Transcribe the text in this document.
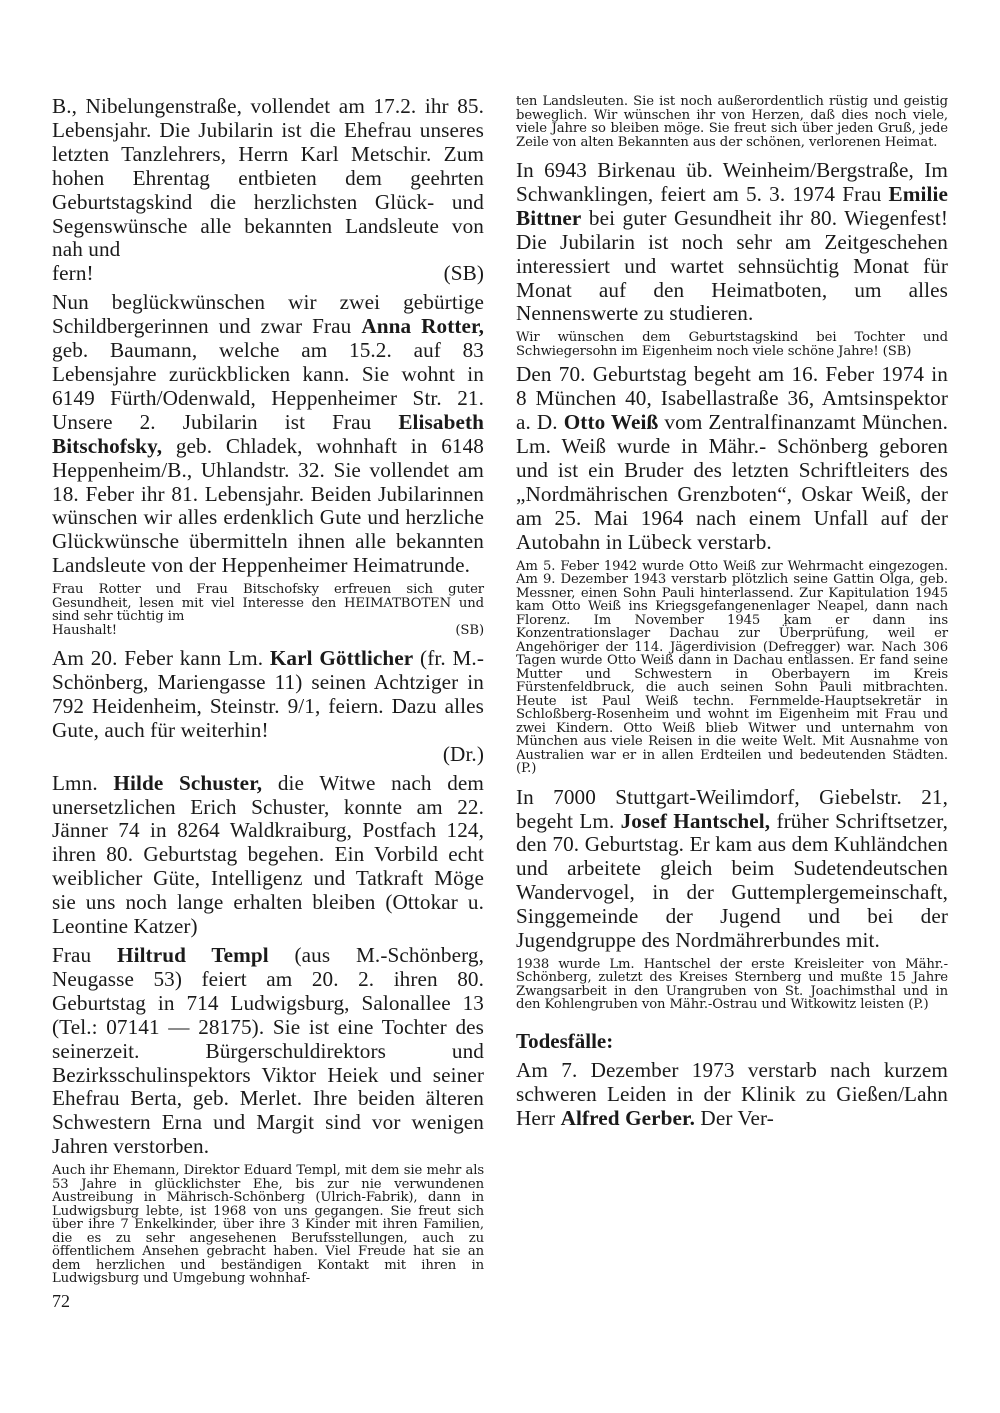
B., Nibelungenstraße, vollendet am 17.2. ihr 85. Lebensjahr. Die Jubilarin ist die Ehefrau unseres letzten Tanzlehrers, Herrn Karl Metschir. Zum hohen Ehrentag entbieten dem geehrten Geburtstagskind die herzlichsten Glück- und Segenswünsche alle bekannten Landsleute von nah und

fern!	(SB)

Nun beglückwünschen wir zwei gebürtige Schildbergerinnen und zwar Frau Anna Rotter, geb. Baumann, welche am 15.2. auf 83 Lebensjahre zurückblicken kann. Sie wohnt in 6149 Fürth/Odenwald, Heppenheimer Str. 21. Unsere 2. Jubilarin ist Frau Elisabeth Bitschofsky, geb. Chladek, wohnhaft in 6148 Heppenheim/B., Uhlandstr. 32. Sie vollendet am 18. Feber ihr 81. Lebensjahr. Beiden Jubilarinnen wünschen wir alles erdenklich Gute und herzliche Glückwünsche übermitteln ihnen alle bekannten Landsleute von der Heppenheimer Heimatrunde.

Frau Rotter und Frau Bitschofsky erfreuen sich guter Gesundheit, lesen mit viel Interesse den HEIMATBOTEN und sind sehr tüchtig im

Haushalt!	(SB)

Am 20. Feber kann Lm. Karl Göttlicher (fr. M.-Schönberg, Mariengasse 11) seinen Achtziger in 792 Heidenheim, Steinstr. 9/1, feiern. Dazu alles Gute, auch für weiterhin!

(Dr.)

Lmn. Hilde Schuster, die Witwe nach dem unersetzlichen Erich Schuster, konnte am 22. Jänner 74 in 8264 Waldkraiburg, Postfach 124, ihren 80. Geburtstag begehen. Ein Vorbild echt weiblicher Güte, Intelligenz und Tatkraft Möge sie uns noch lange erhalten bleiben (Ottokar u. Leontine Katzer)

Frau Hiltrud Templ (aus M.-Schönberg, Neugasse 53) feiert am 20. 2. ihren 80. Geburtstag in 714 Ludwigsburg, Salonallee 13 (Tel.: 07141 — 28175). Sie ist eine Tochter des seinerzeit. Bürgerschuldirektors und Bezirksschulinspektors Viktor Heiek und seiner Ehefrau Berta, geb. Merlet. Ihre beiden älteren Schwestern Erna und Margit sind vor wenigen Jahren verstorben.

Auch ihr Ehemann, Direktor Eduard Templ, mit dem sie mehr als 53 Jahre in glücklichster Ehe, bis zur nie verwundenen Austreibung in Mährisch-Schönberg (Ulrich-Fabrik), dann in Ludwigsburg lebte, ist 1968 von uns gegangen. Sie freut sich über ihre 7 Enkelkinder, über ihre 3 Kinder mit ihren Familien, die es zu sehr angesehenen Berufsstellungen, auch zu öffentlichem Ansehen gebracht haben. Viel Freude hat sie an dem herzlichen und beständigen Kontakt mit ihren in Ludwigsburg und Umgebung wohnhaf-

ten Landsleuten. Sie ist noch außerordentlich rüstig und geistig beweglich. Wir wünschen ihr von Herzen, daß dies noch viele, viele Jahre so bleiben möge. Sie freut sich über jeden Gruß, jede Zeile von alten Bekannten aus der schönen, verlorenen Heimat.

In 6943 Birkenau üb. Weinheim/Bergstraße, Im Schwanklingen, feiert am 5. 3. 1974 Frau Emilie Bittner bei guter Gesundheit ihr 80. Wiegenfest! Die Jubilarin ist noch sehr am Zeitgeschehen interessiert und wartet sehnsüchtig Monat für Monat auf den Heimatboten, um alles Nennenswerte zu studieren.

Wir wünschen dem Geburtstagskind bei Tochter und Schwiegersohn im Eigenheim noch viele schöne Jahre! (SB)

Den 70. Geburtstag begeht am 16. Feber 1974 in 8 München 40, Isabellastraße 36, Amtsinspektor a. D. Otto Weiß vom Zentralfinanzamt München. Lm. Weiß wurde in Mähr.- Schönberg geboren und ist ein Bruder des letzten Schriftleiters des „Nordmährischen Grenzboten“, Oskar Weiß, der am 25. Mai 1964 nach einem Unfall auf der Autobahn in Lübeck verstarb.

Am 5. Feber 1942 wurde Otto Weiß zur Wehrmacht eingezogen. Am 9. Dezember 1943 verstarb plötzlich seine Gattin Olga, geb. Messner, einen Sohn Pauli hinterlassend. Zur Kapitulation 1945 kam Otto Weiß ins Kriegsgefangenenlager Neapel, dann nach Florenz. Im November 1945 kam er dann ins Konzentrationslager Dachau zur Überprüfung, weil er Angehöriger der 114. Jägerdivision (Defregger) war. Nach 306 Tagen wurde Otto Weiß dann in Dachau entlassen. Er fand seine Mutter und Schwestern in Oberbayern im Kreis Fürstenfeldbruck, die auch seinen Sohn Pauli mitbrachten. Heute ist Paul Weiß techn. Fernmelde-Hauptsekretär in Schloßberg-Rosenheim und wohnt im Eigenheim mit Frau und zwei Kindern. Otto Weiß blieb Witwer und unternahm von München aus viele Reisen in die weite Welt. Mit Ausnahme von Australien war er in allen Erdteilen und bedeutenden Städten. (P.)

In 7000 Stuttgart-Weilimdorf, Giebelstr. 21, begeht Lm. Josef Hantschel, früher Schriftsetzer, den 70. Geburtstag. Er kam aus dem Kuhländchen und arbeitete gleich beim Sudetendeutschen Wandervogel, in der Guttemplergemeinschaft, Singgemeinde der Jugend und bei der Jugendgruppe des Nordmährerbundes mit.

1938 wurde Lm. Hantschel der erste Kreisleiter von Mähr.-Schönberg, zuletzt des Kreises Sternberg und mußte 15 Jahre Zwangsarbeit in den Urangruben von St. Joachimsthal und in den Kohlengruben von Mähr.-Ostrau und Witkowitz leisten (P.)

Todesfälle:

Am 7. Dezember 1973 verstarb nach kurzem schweren Leiden in der Klinik zu Gießen/Lahn Herr Alfred Gerber. Der Ver-

72
